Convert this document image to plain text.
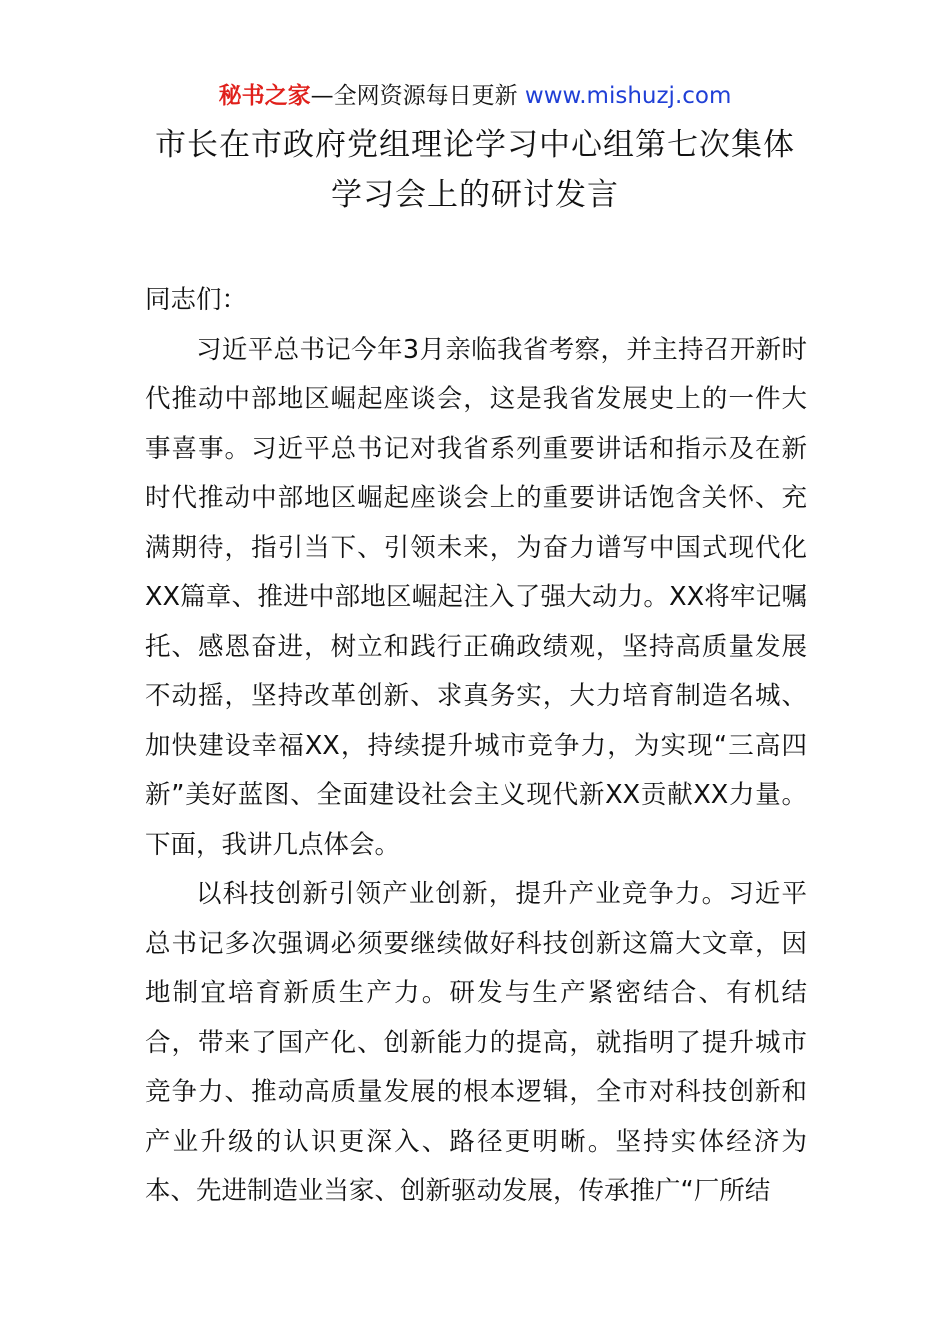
秘书之家—全网资源每日更新 www.mishuzj.com
市长在市政府党组理论学习中心组第七次集体
学习会上的研讨发言

同志们：

习近平总书记今年3月亲临我省考察，并主持召开新时代推动中部地区崛起座谈会，这是我省发展史上的一件大事喜事。习近平总书记对我省系列重要讲话和指示及在新时代推动中部地区崛起座谈会上的重要讲话饱含关怀、充满期待，指引当下、引领未来，为奋力谱写中国式现代化XX篇章、推进中部地区崛起注入了强大动力。XX将牢记嘱托、感恩奋进，树立和践行正确政绩观，坚持高质量发展不动摇，坚持改革创新、求真务实，大力培育制造名城、加快建设幸福XX，持续提升城市竞争力，为实现“三高四新”美好蓝图、全面建设社会主义现代新XX贡献XX力量。下面，我讲几点体会。

以科技创新引领产业创新，提升产业竞争力。习近平总书记多次强调必须要继续做好科技创新这篇大文章，因地制宜培育新质生产力。研发与生产紧密结合、有机结合，带来了国产化、创新能力的提高，就指明了提升城市竞争力、推动高质量发展的根本逻辑，全市对科技创新和产业升级的认识更深入、路径更明晰。坚持实体经济为本、先进制造业当家、创新驱动发展，传承推广“厂所结
